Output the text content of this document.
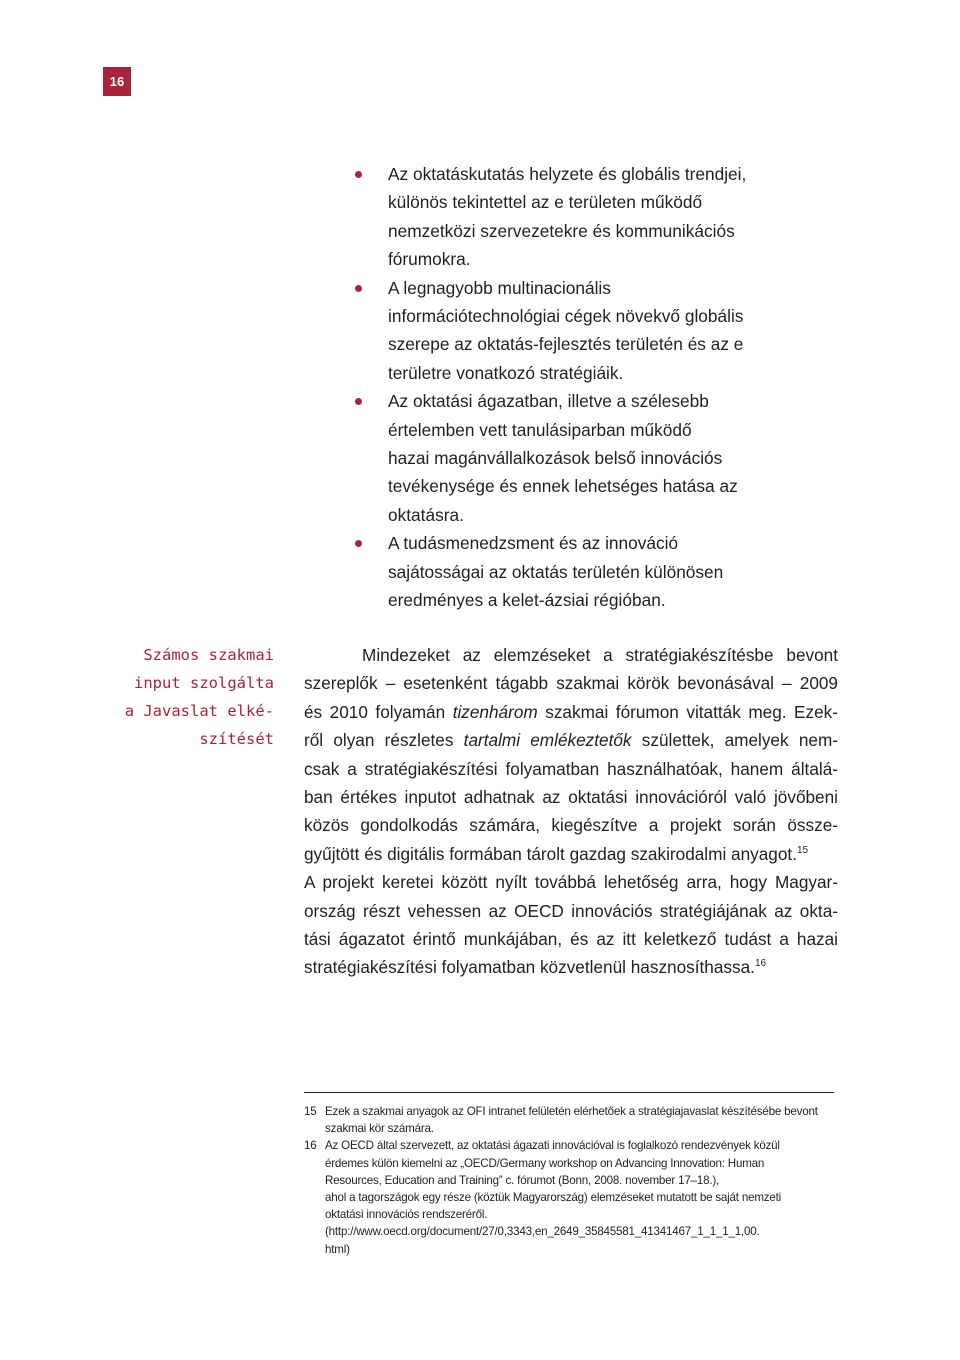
16
Az oktatáskutatás helyzete és globális trendjei,
különös tekintettel az e területen működő
nemzetközi szervezetekre és kommunikációs
fórumokra.
A legnagyobb multinacionális
információtechnológiai cégek növekvő globális
szerepe az oktatás-fejlesztés területén és az e
területre vonatkozó stratégiáik.
Az oktatási ágazatban, illetve a szélesebb
értelemben vett tanulásiparban működő
hazai magánvállalkozások belső innovációs
tevékenysége és ennek lehetséges hatása az
oktatásra.
A tudásmenedzsment és az innováció
sajátosságai az oktatás területén különösen
eredményes a kelet-ázsiai régióban.
Számos szakmai
input szolgálta
a Javaslat elké-
szítését
Mindezeket az elemzéseket a stratégiakészítésbe bevont
szereplők – esetenként tágabb szakmai körök bevonásával – 2009
és 2010 folyamán tizenhárom szakmai fórumon vitatták meg. Ezek-
ről olyan részletes tartalmi emlékeztetők születtek, amelyek nem-
csak a stratégiakészítési folyamatban használhatóak, hanem általá-
ban értékes inputot adhatnak az oktatási innovációról való jövőbeni
közös gondolkodás számára, kiegészítve a projekt során össze-
gyűjtött és digitális formában tárolt gazdag szakirodalmi anyagot.$^{15}$
A projekt keretei között nyílt továbbá lehetőség arra, hogy Magyar-
ország részt vehessen az OECD innovációs stratégiájának az okta-
tási ágazatot érintő munkájában, és az itt keletkező tudást a hazai
stratégiakészítési folyamatban közvetlenül hasznosíthassa.$^{16}$
15 Ezek a szakmai anyagok az OFI intranet felületén elérhetőek a stratégiajavaslat készítésébe bevont
szakmai kör számára.
16 Az OECD által szervezett, az oktatási ágazati innovációval is foglalkozó rendezvények közül
érdemes külön kiemelni az „OECD/Germany workshop on Advancing Innovation: Human
Resources, Education and Training” c. fórumot (Bonn, 2008. november 17–18.),
ahol a tagországok egy része (köztük Magyarország) elemzéseket mutatott be saját nemzeti
oktatási innovációs rendszeréről.
(http://www.oecd.org/document/27/0,3343,en_2649_35845581_41341467_1_1_1_1,00.
html)
